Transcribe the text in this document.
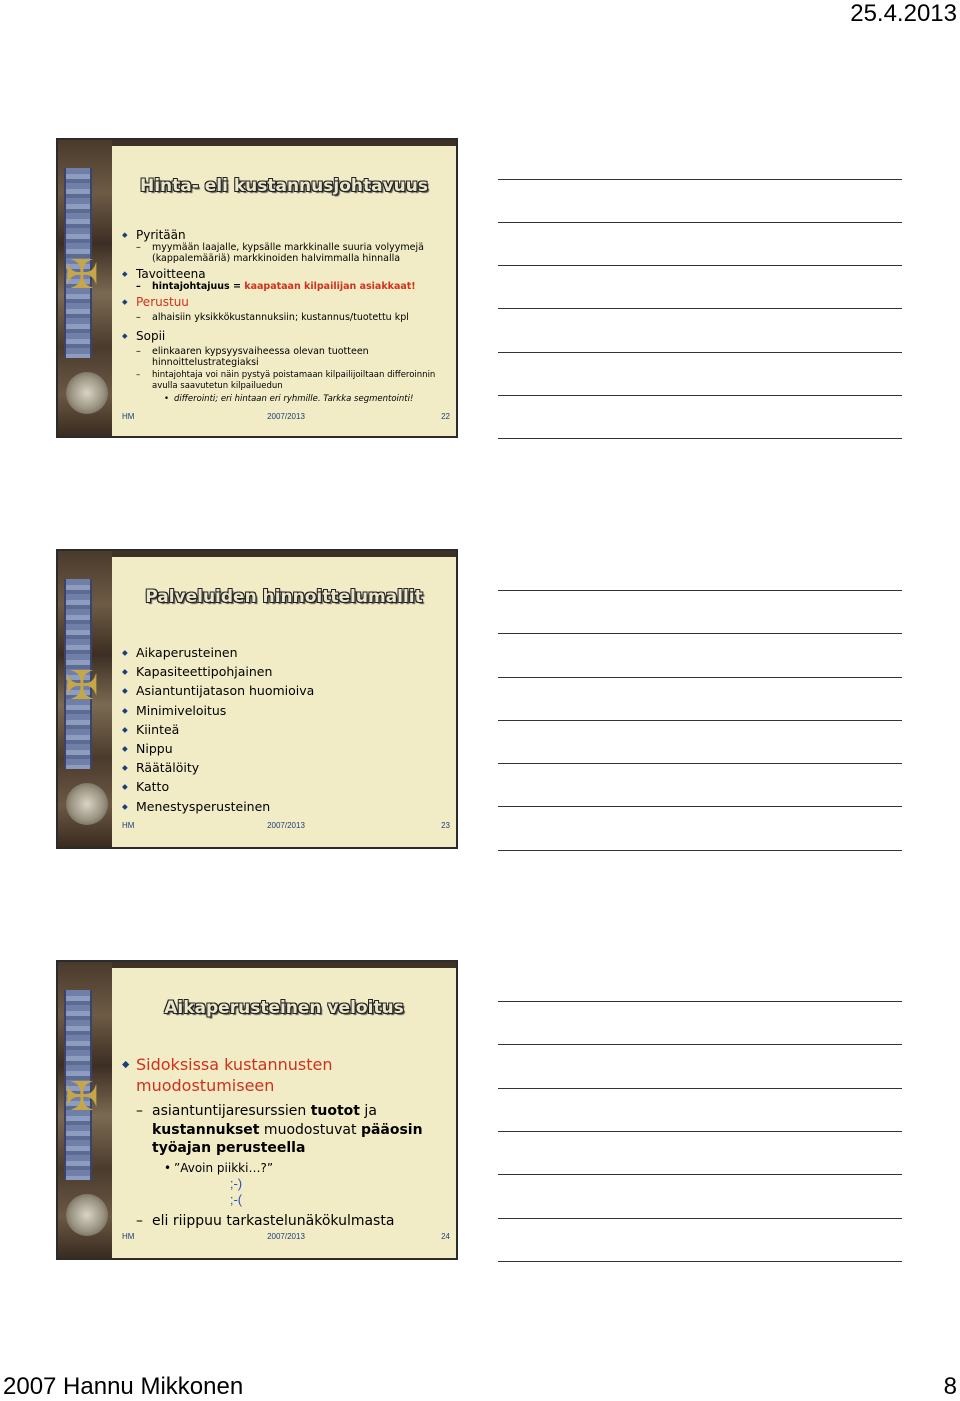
25.4.2013
✠
Hinta- eli kustannusjohtavuus
◆ Pyritään
– myymään laajalle, kypsälle markkinalle suuria volyymejä (kappalemääriä) markkinoiden halvimmalla hinnalla
◆ Tavoitteena
– hintajohtajuus = kaapataan kilpailijan asiakkaat!
◆ Perustuu
– alhaisiin yksikkökustannuksiin; kustannus/tuotettu kpl
◆ Sopii
– elinkaaren kypsyysvaiheessa olevan tuotteen hinnoittelustrategiaksi
– hintajohtaja voi näin pystyä poistamaan kilpailijoiltaan differoinnin avulla saavutetun kilpailuedun
• differointi; eri hintaan eri ryhmille. Tarkka segmentointi!
HM	2007/2013	22
✠
Palveluiden hinnoittelumallit
◆ Aikaperusteinen
◆ Kapasiteettipohjainen
◆ Asiantuntijatason huomioiva
◆ Minimiveloitus
◆ Kiinteä
◆ Nippu
◆ Räätälöity
◆ Katto
◆ Menestysperusteinen
HM	2007/2013	23
✠
Aikaperusteinen veloitus
◆ Sidoksissa kustannusten muodostumiseen
– asiantuntijaresurssien tuotot ja kustannukset muodostuvat pääosin työajan perusteella
• ”Avoin piikki…?”
;-)
;-(
– eli riippuu tarkastelunäkökulmasta
HM	2007/2013	24
2007 Hannu Mikkonen	8
